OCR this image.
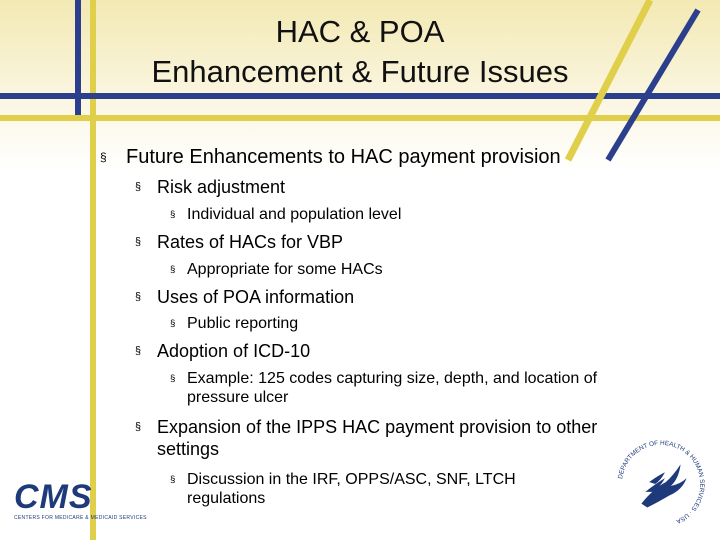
HAC & POA
Enhancement & Future Issues
§ Future Enhancements to HAC payment provision
§ Risk adjustment
§ Individual and population level
§ Rates of HACs for VBP
§ Appropriate for some HACs
§ Uses of POA information
§ Public reporting
§ Adoption of ICD-10
§ Example: 125 codes capturing size, depth, and location of
pressure ulcer
§ Expansion of the IPPS HAC payment provision to other
settings
§ Discussion in the IRF, OPPS/ASC, SNF, LTCH
regulations
CMS
CENTERS FOR MEDICARE & MEDICAID SERVICES
DEPARTMENT OF HEALTH & HUMAN SERVICES · USA
